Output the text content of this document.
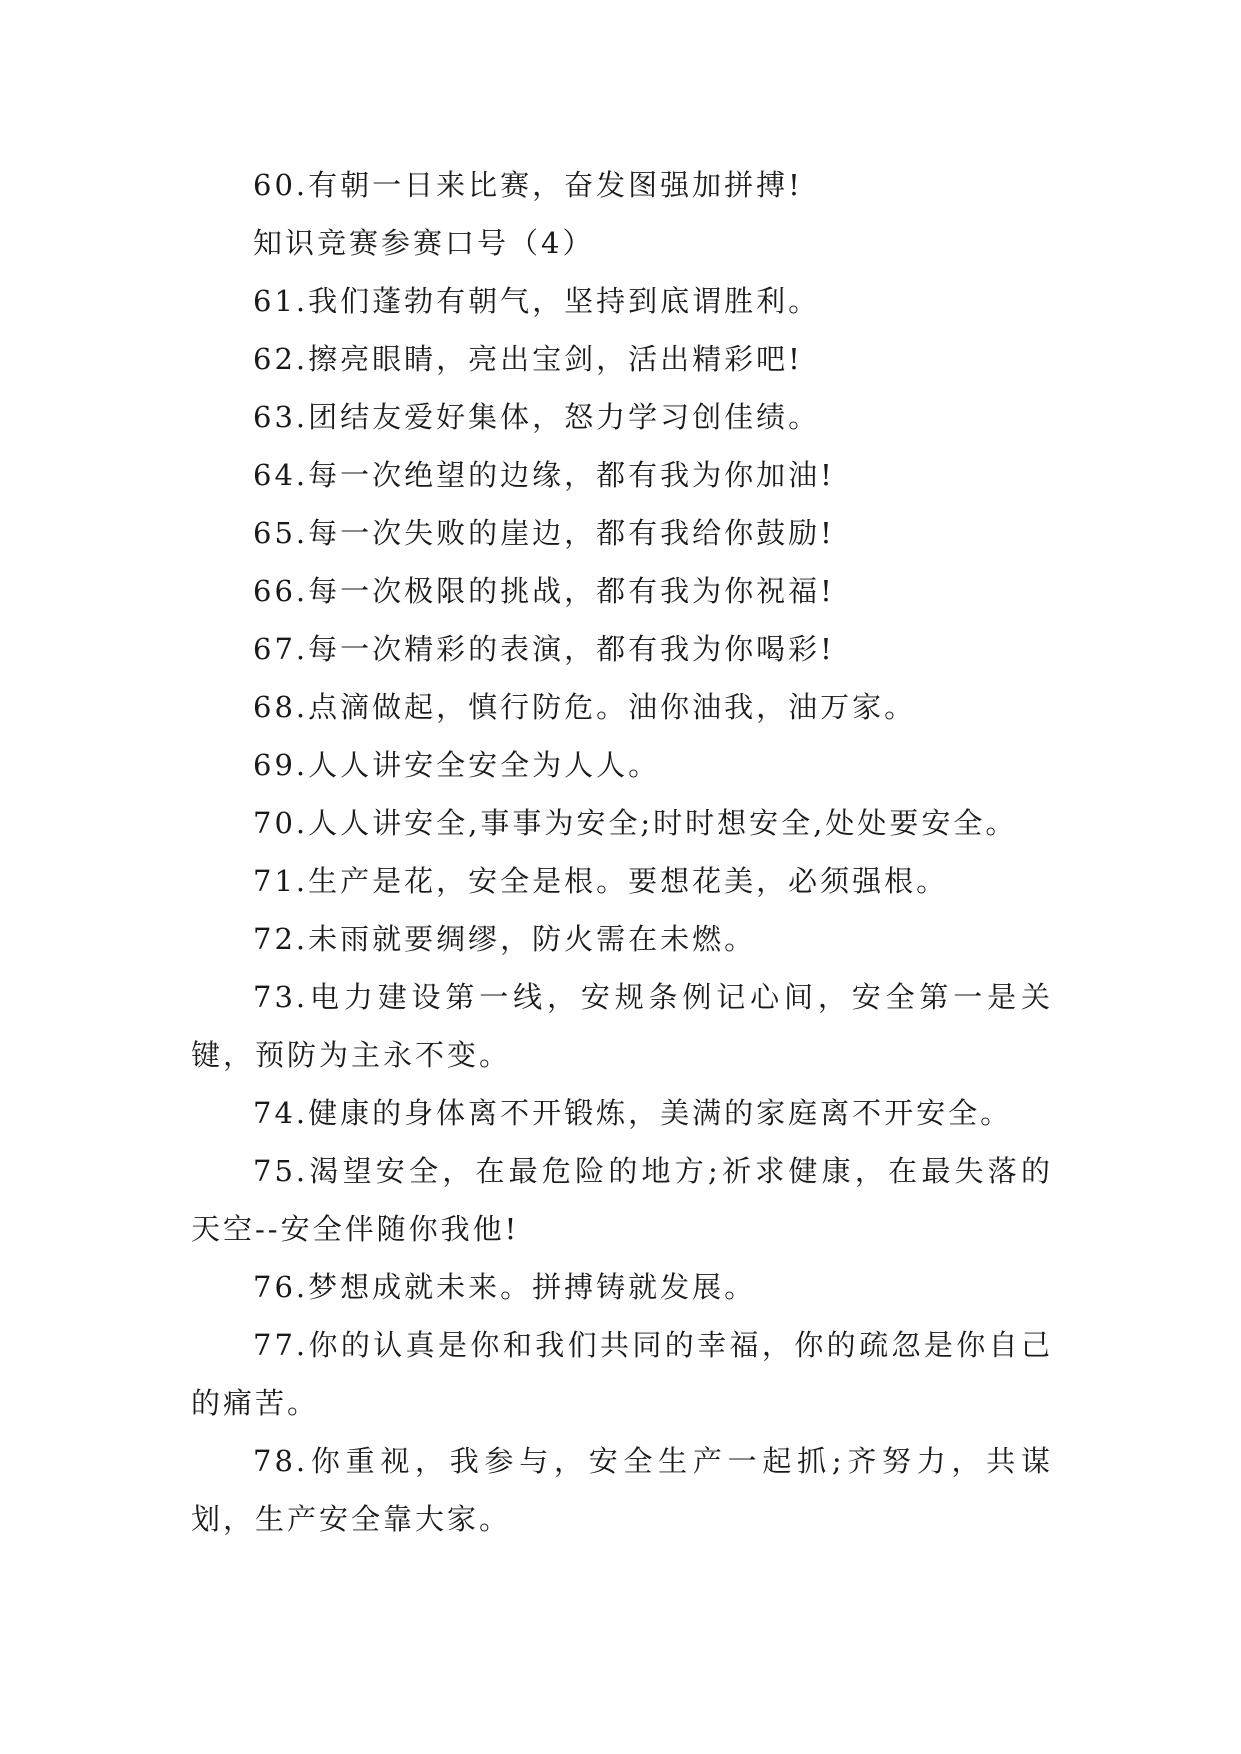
60.有朝一日来比赛，奋发图强加拼搏!

知识竞赛参赛口号（4）

61.我们蓬勃有朝气，坚持到底谓胜利。

62.擦亮眼睛，亮出宝剑，活出精彩吧!

63.团结友爱好集体，怒力学习创佳绩。

64.每一次绝望的边缘，都有我为你加油!

65.每一次失败的崖边，都有我给你鼓励!

66.每一次极限的挑战，都有我为你祝福!

67.每一次精彩的表演，都有我为你喝彩!

68.点滴做起，慎行防危。油你油我，油万家。

69.人人讲安全安全为人人。

70.人人讲安全,事事为安全;时时想安全,处处要安全。

71.生产是花，安全是根。要想花美，必须强根。

72.未雨就要绸缪，防火需在未燃。

73.电力建设第一线，安规条例记心间，安全第一是关键，预防为主永不变。

74.健康的身体离不开锻炼，美满的家庭离不开安全。

75.渴望安全，在最危险的地方;祈求健康，在最失落的天空--安全伴随你我他!

76.梦想成就未来。拼搏铸就发展。

77.你的认真是你和我们共同的幸福，你的疏忽是你自己的痛苦。

78.你重视，我参与，安全生产一起抓;齐努力，共谋划，生产安全靠大家。
